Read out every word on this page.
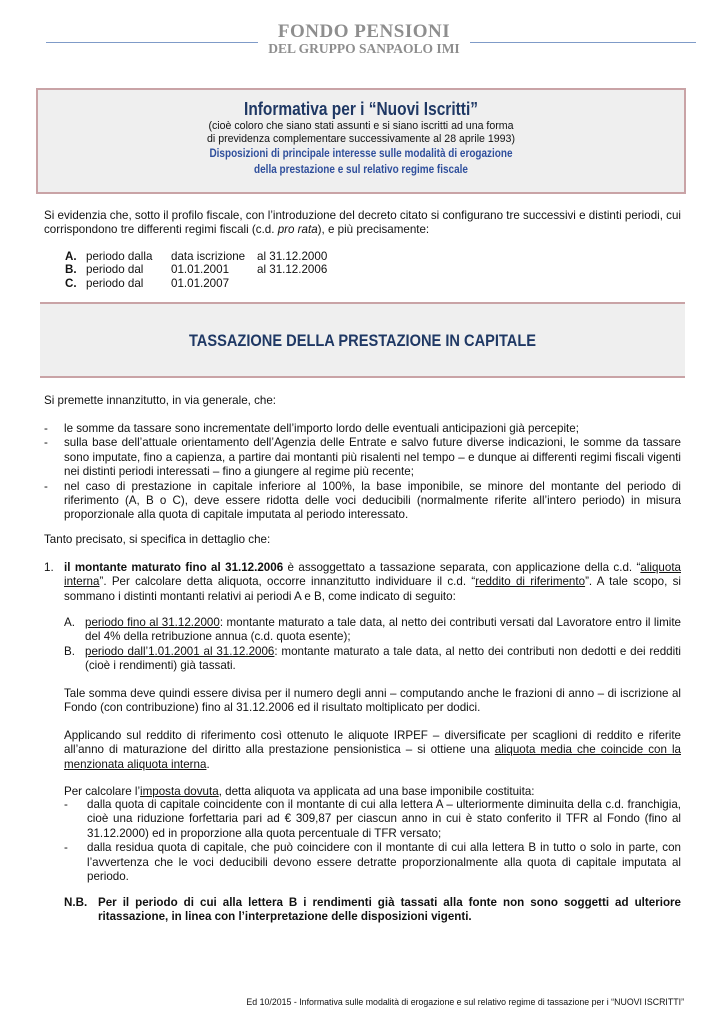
FONDO PENSIONI
DEL GRUPPO SANPAOLO IMI
Informativa per i “Nuovi Iscritti”
(cioè coloro che siano stati assunti e si siano iscritti ad una forma
di previdenza complementare successivamente al 28 aprile 1993)
Disposizioni di principale interesse sulle modalità di erogazione
della prestazione e sul relativo regime fiscale

Si evidenzia che, sotto il profilo fiscale, con l’introduzione del decreto citato si configurano tre successivi e distinti periodi, cui corrispondono tre differenti regimi fiscali (c.d. pro rata), e più precisamente:

A. periodo dalla data iscrizione al 31.12.2000
B. periodo dal 01.01.2001 al 31.12.2006
C. periodo dal 01.01.2007
TASSAZIONE DELLA PRESTAZIONE IN CAPITALE

Si premette innanzitutto, in via generale, che:

- le somme da tassare sono incrementate dell’importo lordo delle eventuali anticipazioni già percepite;
- sulla base dell’attuale orientamento dell’Agenzia delle Entrate e salvo future diverse indicazioni, le somme da tassare sono imputate, fino a capienza, a partire dai montanti più risalenti nel tempo – e dunque ai differenti regimi fiscali vigenti nei distinti periodi interessati – fino a giungere al regime più recente;
- nel caso di prestazione in capitale inferiore al 100%, la base imponibile, se minore del montante del periodo di riferimento (A, B o C), deve essere ridotta delle voci deducibili (normalmente riferite all’intero periodo) in misura proporzionale alla quota di capitale imputata al periodo interessato.

Tanto precisato, si specifica in dettaglio che:

1. il montante maturato fino al 31.12.2006 è assoggettato a tassazione separata, con applicazione della c.d. “aliquota interna”. Per calcolare detta aliquota, occorre innanzitutto individuare il c.d. “reddito di riferimento”. A tale scopo, si sommano i distinti montanti relativi ai periodi A e B, come indicato di seguito:
A. periodo fino al 31.12.2000: montante maturato a tale data, al netto dei contributi versati dal Lavoratore entro il limite del 4% della retribuzione annua (c.d. quota esente);
B. periodo dall’1.01.2001 al 31.12.2006: montante maturato a tale data, al netto dei contributi non dedotti e dei redditi (cioè i rendimenti) già tassati.

Tale somma deve quindi essere divisa per il numero degli anni – computando anche le frazioni di anno – di iscrizione al Fondo (con contribuzione) fino al 31.12.2006 ed il risultato moltiplicato per dodici.

Applicando sul reddito di riferimento così ottenuto le aliquote IRPEF – diversificate per scaglioni di reddito e riferite all’anno di maturazione del diritto alla prestazione pensionistica – si ottiene una aliquota media che coincide con la menzionata aliquota interna.

Per calcolare l’imposta dovuta, detta aliquota va applicata ad una base imponibile costituita:

- dalla quota di capitale coincidente con il montante di cui alla lettera A – ulteriormente diminuita della c.d. franchigia, cioè una riduzione forfettaria pari ad € 309,87 per ciascun anno in cui è stato conferito il TFR al Fondo (fino al 31.12.2000) ed in proporzione alla quota percentuale di TFR versato;
- dalla residua quota di capitale, che può coincidere con il montante di cui alla lettera B in tutto o solo in parte, con l’avvertenza che le voci deducibili devono essere detratte proporzionalmente alla quota di capitale imputata al periodo.
N.B. Per il periodo di cui alla lettera B i rendimenti già tassati alla fonte non sono soggetti ad ulteriore ritassazione, in linea con l’interpretazione delle disposizioni vigenti.
Ed 10/2015 - Informativa sulle modalità di erogazione e sul relativo regime di tassazione per i “NUOVI ISCRITTI”
